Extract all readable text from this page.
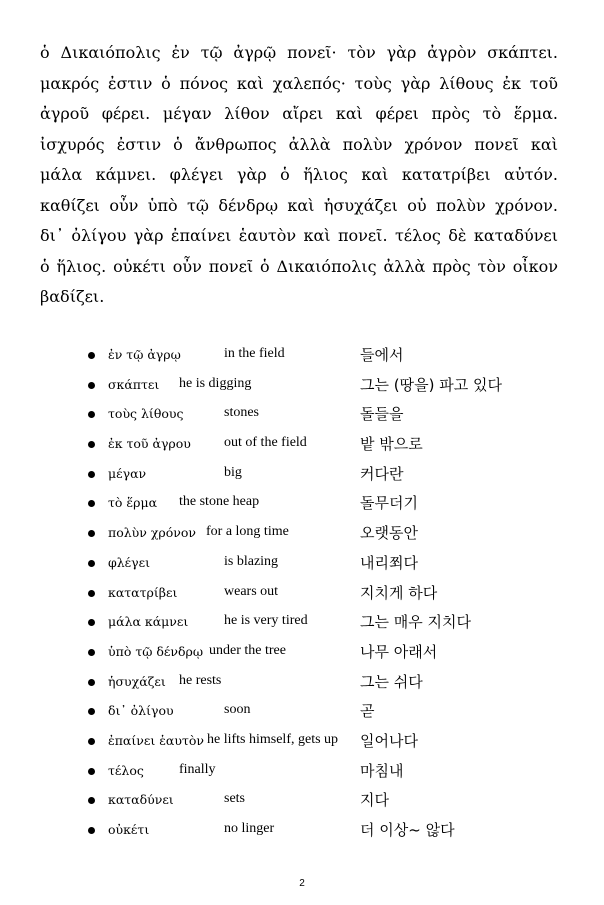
ὁ Δικαιόπολις ἐν τῷ ἀγρῷ πονεῖ· τὸν γὰρ ἀγρὸν σκάπτει.
μακρός ἐστιν ὁ πόνος καὶ χαλεπός· τοὺς γὰρ λίθους ἐκ τοῦ
ἀγροῦ φέρει. μέγαν λίθον αἴρει καὶ φέρει πρὸς τὸ ἕρμα.
ἰσχυρός ἐστιν ὁ ἄνθρωπος ἀλλὰ πολὺν χρόνον πονεῖ καὶ
μάλα κάμνει. φλέγει γὰρ ὁ ἥλιος καὶ κατατρίβει αὐτόν.
καθίζει οὖν ὑπὸ τῷ δένδρῳ καὶ ἡσυχάζει οὐ πολὺν χρόνον.
δι᾽ ὀλίγου γὰρ ἐπαίνει ἑαυτὸν καὶ πονεῖ. τέλος δὲ καταδύνει
ὁ ἥλιος. οὐκέτι οὖν πονεῖ ὁ Δικαιόπολις ἀλλὰ πρὸς τὸν οἶκον
βαδίζει.
ἐν τῷ ἀγρῳ	in the field	들에서
σκάπτει he is digging	그는 (땅을) 파고 있다
τοὺς λίθους	stones	돌들을
ἐκ τοῦ ἀγρου out of the field	밭 밖으로
μέγαν	big	커다란
τὸ ἕρμα the stone heap	돌무더기
πολὺν χρόνον for a long time	오랫동안
φλέγει	is blazing	내리쬐다
κατατρίβει	wears out	지치게 하다
μάλα κάμνει	he is very tired	그는 매우 지치다
ὑπὸ τῷ δένδρῳ under the tree	나무 아래서
ἡσυχάζει he rests	그는 쉬다
δι᾽ ὀλίγου	soon	곧
ἐπαίνει ἑαυτὸν he lifts himself, gets up 일어나다
τέλος	finally	마침내
καταδύνει	sets	지다
οὐκέτι	no linger	더 이상~ 않다
2
